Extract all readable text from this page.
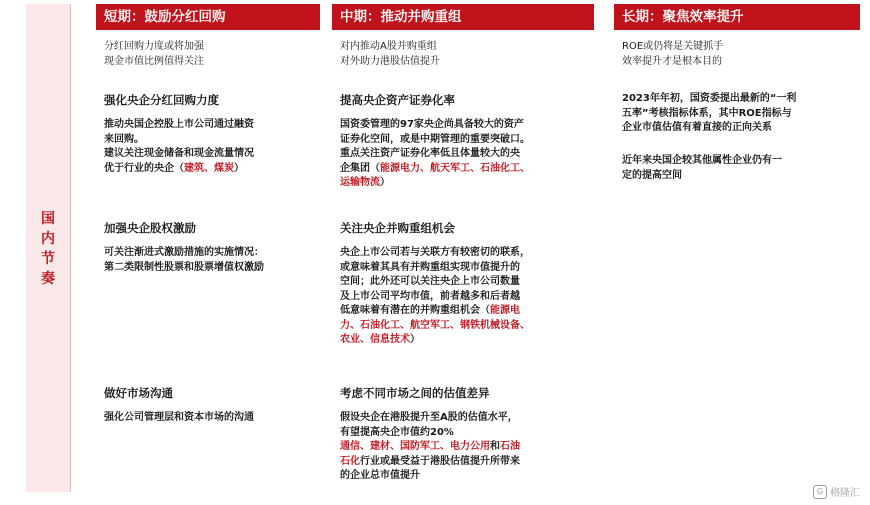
国
内
节
奏
短期：鼓励分红回购

分红回购力度或将加强

现金市值比例值得关注

强化央企分红回购力度

推动央国企控股上市公司通过融资

来回购。

建议关注现金储备和现金流量情况

优于行业的央企（建筑、煤炭）

加强央企股权激励

可关注渐进式激励措施的实施情况：

第二类限制性股票和股票增值权激励

做好市场沟通

强化公司管理层和资本市场的沟通

中期：推动并购重组

对内推动A股并购重组

对外助力港股估值提升

提高央企资产证券化率

国资委管理的97家央企尚具备较大的资产

证券化空间，或是中期管理的重要突破口。

重点关注资产证券化率低且体量较大的央

企集团（能源电力、航天军工、石油化工、

运输物流）

关注央企并购重组机会

央企上市公司若与关联方有较密切的联系，

或意味着其具有并购重组实现市值提升的

空间；此外还可以关注央企上市公司数量

及上市公司平均市值，前者越多和后者越

低意味着有潜在的并购重组机会（能源电

力、石油化工、航空军工、钢铁机械设备、

农业、信息技术）

考虑不同市场之间的估值差异

假设央企在港股提升至A股的估值水平，

有望提高央企市值约20%

通信、建材、国防军工、电力公用和石油

石化行业或最受益于港股估值提升所带来

的企业总市值提升

长期：聚焦效率提升

ROE或仍将是关键抓手

效率提升才是根本目的

2023年年初，国资委提出最新的“一利

五率”考核指标体系，其中ROE指标与

企业市值估值有着直接的正向关系

近年来央国企较其他属性企业仍有一

定的提高空间

G 格隆汇
